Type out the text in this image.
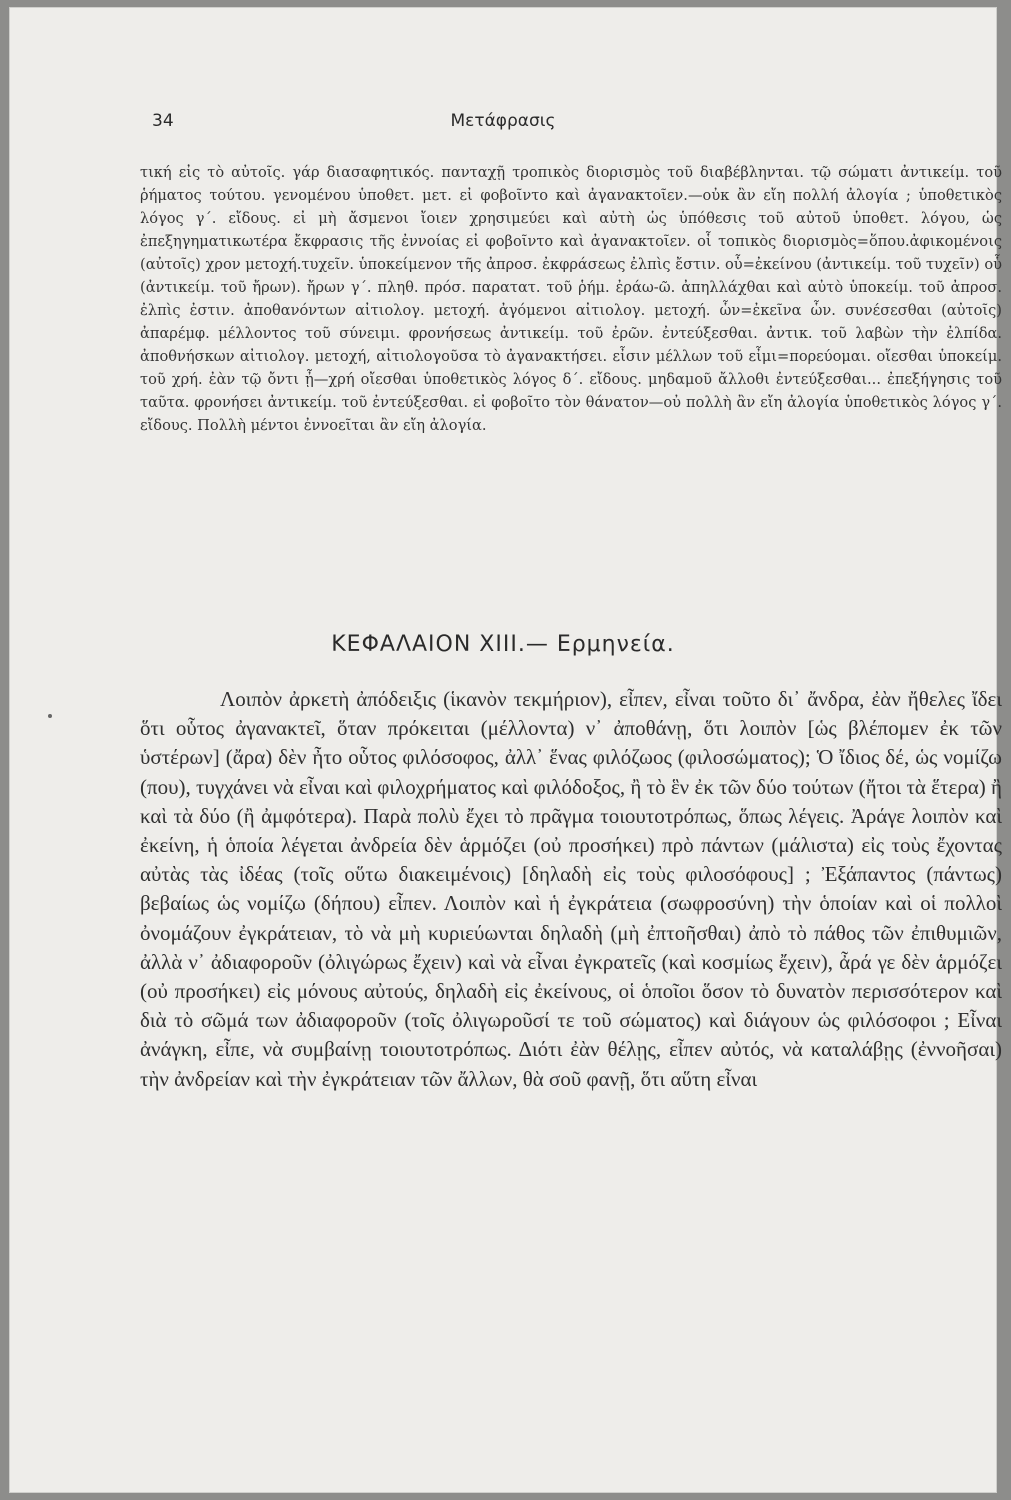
34	Μετάφρασις

τική εἰς τὸ αὐτοῖς. γάρ διασαφητικός. πανταχῇ τροπικὸς διορισμὸς τοῦ διαβέβληνται. τῷ σώματι ἀντικείμ. τοῦ ῥήματος τούτου. γενομένου ὑποθετ. μετ. εἰ φοβοῖντο καὶ ἀγανακτοῖεν.—οὐκ ἂν εἴη πολλή ἀλογία ; ὑποθετικὸς λόγος γ΄. εἴδους. εἰ μὴ ἄσμενοι ἴοιεν χρησιμεύει καὶ αὐτὴ ὡς ὑπόθεσις τοῦ αὐτοῦ ὑποθετ. λόγου, ὡς ἐπεξηγηματικωτέρα ἔκφρασις τῆς ἐννοίας εἰ φοβοῖντο καὶ ἀγανακτοῖεν. οἷ τοπικὸς διορισμὸς=ὅπου.ἀφικομένοις (αὐτοῖς) χρον μετοχή.τυχεῖν. ὑποκείμενον τῆς ἀπροσ. ἐκφράσεως ἐλπὶς ἔστιν. οὗ=ἐκείνου (ἀντικείμ. τοῦ τυχεῖν) οὗ (ἀντικείμ. τοῦ ἤρων). ἤρων γ΄. πληθ. πρόσ. παρατατ. τοῦ ῥήμ. ἐράω-ῶ. ἀπηλλάχθαι καὶ αὐτὸ ὑποκείμ. τοῦ ἀπροσ. ἐλπὶς ἐστιν. ἀποθανόντων αἰτιολογ. μετοχή. ἀγόμενοι αἰτιολογ. μετοχή. ὧν=ἐκεῖνα ὧν. συνέσεσθαι (αὐτοῖς) ἀπαρέμφ. μέλλοντος τοῦ σύνειμι. φρονήσεως ἀντικείμ. τοῦ ἐρῶν. ἐντεύξεσθαι. ἀντικ. τοῦ λαβὼν τὴν ἐλπίδα. ἀποθνήσκων αἰτιολογ. μετοχή, αἰτιολογοῦσα τὸ ἀγανακτήσει. εἶσιν μέλλων τοῦ εἶμι=πορεύομαι. οἴεσθαι ὑποκείμ. τοῦ χρή. ἐὰν τῷ ὄντι ᾖ—χρή οἴεσθαι ὑποθετικὸς λόγος δ΄. εἴδους. μηδαμοῦ ἄλλοθι ἐντεύξεσθαι... ἐπεξήγησις τοῦ ταῦτα. φρονήσει ἀντικείμ. τοῦ ἐντεύξεσθαι. εἰ φοβοῖτο τὸν θάνατον—οὐ πολλὴ ἂν εἴη ἀλογία ὑποθετικὸς λόγος γ΄. εἴδους. Πολλὴ μέντοι ἐννοεῖται ἂν εἴη ἀλογία.

ΚΕΦΑΛΑΙΟΝ XIII.— Ερμηνεία.

Λοιπὸν ἀρκετὴ ἀπόδειξις (ἱκανὸν τεκμήριον), εἶπεν, εἶναι τοῦτο δι᾿ ἄνδρα, ἐὰν ἤθελες ἴδει ὅτι οὗτος ἀγανακτεῖ, ὅταν πρόκειται (μέλλοντα) ν᾿ ἀποθάνῃ, ὅτι λοιπὸν [ὡς βλέπομεν ἐκ τῶν ὑστέρων] (ἄρα) δὲν ἦτο οὗτος φιλόσοφος, ἀλλ᾿ ἕνας φιλόζωος (φιλοσώματος); Ὁ ἴδιος δέ, ὡς νομίζω (που), τυγχάνει νὰ εἶναι καὶ φιλοχρήματος καὶ φιλόδοξος, ἢ τὸ ἓν ἐκ τῶν δύο τούτων (ἤτοι τὰ ἕτερα) ἢ καὶ τὰ δύο (ἢ ἀμφότερα). Παρὰ πολὺ ἔχει τὸ πρᾶγμα τοιουτοτρόπως, ὅπως λέγεις. Ἀράγε λοιπὸν καὶ ἐκείνη, ἡ ὁποία λέγεται ἀνδρεία δὲν ἁρμόζει (οὐ προσήκει) πρὸ πάντων (μάλιστα) εἰς τοὺς ἔχοντας αὐτὰς τὰς ἰδέας (τοῖς οὕτω διακειμένοις) [δηλαδὴ εἰς τοὺς φιλοσόφους] ; Ἐξάπαντος (πάντως) βεβαίως ὡς νομίζω (δήπου) εἶπεν. Λοιπὸν καὶ ἡ ἐγκράτεια (σωφροσύνη) τὴν ὁποίαν καὶ οἱ πολλοὶ ὀνομάζουν ἐγκράτειαν, τὸ νὰ μὴ κυριεύωνται δηλαδὴ (μὴ ἐπτοῆσθαι) ἀπὸ τὸ πάθος τῶν ἐπιθυμιῶν, ἀλλὰ ν᾿ ἀδιαφοροῦν (ὀλιγώρως ἔχειν) καὶ νὰ εἶναι ἐγκρατεῖς (καὶ κοσμίως ἔχειν), ἆρά γε δὲν ἁρμόζει (οὐ προσήκει) εἰς μόνους αὐτούς, δηλαδὴ εἰς ἐκείνους, οἱ ὁποῖοι ὅσον τὸ δυνατὸν περισσότερον καὶ διὰ τὸ σῶμά των ἀδιαφοροῦν (τοῖς ὀλιγωροῦσί τε τοῦ σώματος) καὶ διάγουν ὡς φιλόσοφοι ; Εἶναι ἀνάγκη, εἶπε, νὰ συμβαίνῃ τοιουτοτρόπως. Διότι ἐὰν θέλῃς, εἶπεν αὐτός, νὰ καταλάβῃς (ἐννοῆσαι) τὴν ἀνδρείαν καὶ τὴν ἐγκράτειαν τῶν ἄλλων, θὰ σοῦ φανῇ, ὅτι αὕτη εἶναι
